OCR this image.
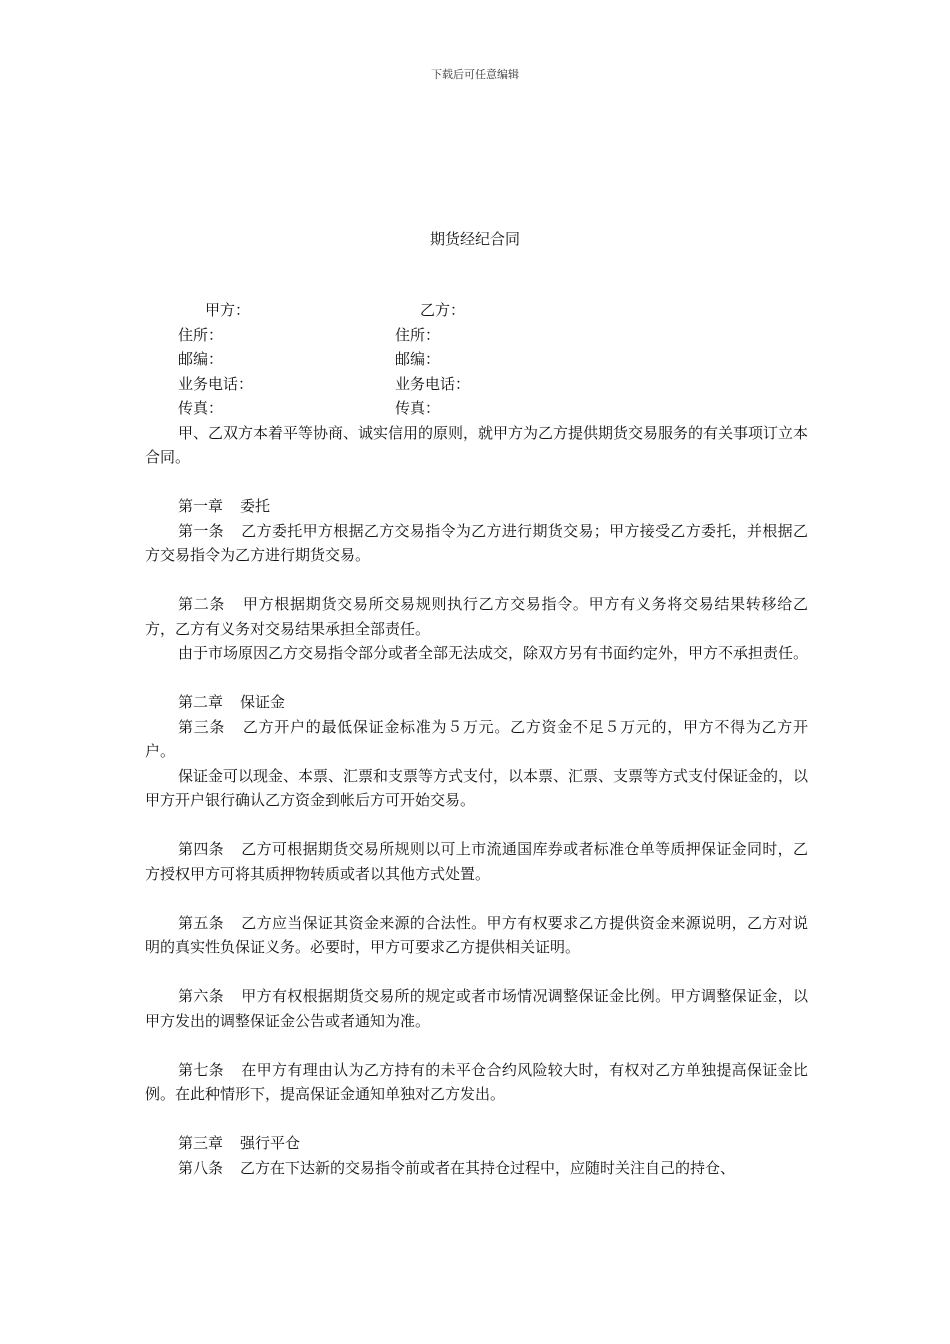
下载后可任意编辑
期货经纪合同
甲方：	乙方：
住所：	住所：
邮编：	邮编：
业务电话：	业务电话：
传真：	传真：

甲、乙双方本着平等协商、诚实信用的原则，就甲方为乙方提供期货交易服务的有关事项订立本合同。

第一章 委托

第一条 乙方委托甲方根据乙方交易指令为乙方进行期货交易；甲方接受乙方委托，并根据乙方交易指令为乙方进行期货交易。

第二条 甲方根据期货交易所交易规则执行乙方交易指令。甲方有义务将交易结果转移给乙方，乙方有义务对交易结果承担全部责任。

由于市场原因乙方交易指令部分或者全部无法成交，除双方另有书面约定外，甲方不承担责任。

第二章 保证金

第三条 乙方开户的最低保证金标准为５万元。乙方资金不足５万元的，甲方不得为乙方开户。

保证金可以现金、本票、汇票和支票等方式支付，以本票、汇票、支票等方式支付保证金的，以甲方开户银行确认乙方资金到帐后方可开始交易。

第四条 乙方可根据期货交易所规则以可上市流通国库券或者标准仓单等质押保证金同时，乙方授权甲方可将其质押物转质或者以其他方式处置。

第五条 乙方应当保证其资金来源的合法性。甲方有权要求乙方提供资金来源说明，乙方对说明的真实性负保证义务。必要时，甲方可要求乙方提供相关证明。

第六条 甲方有权根据期货交易所的规定或者市场情况调整保证金比例。甲方调整保证金，以甲方发出的调整保证金公告或者通知为准。

第七条 在甲方有理由认为乙方持有的未平仓合约风险较大时，有权对乙方单独提高保证金比例。在此种情形下，提高保证金通知单独对乙方发出。

第三章 强行平仓

第八条 乙方在下达新的交易指令前或者在其持仓过程中，应随时关注自己的持仓、
